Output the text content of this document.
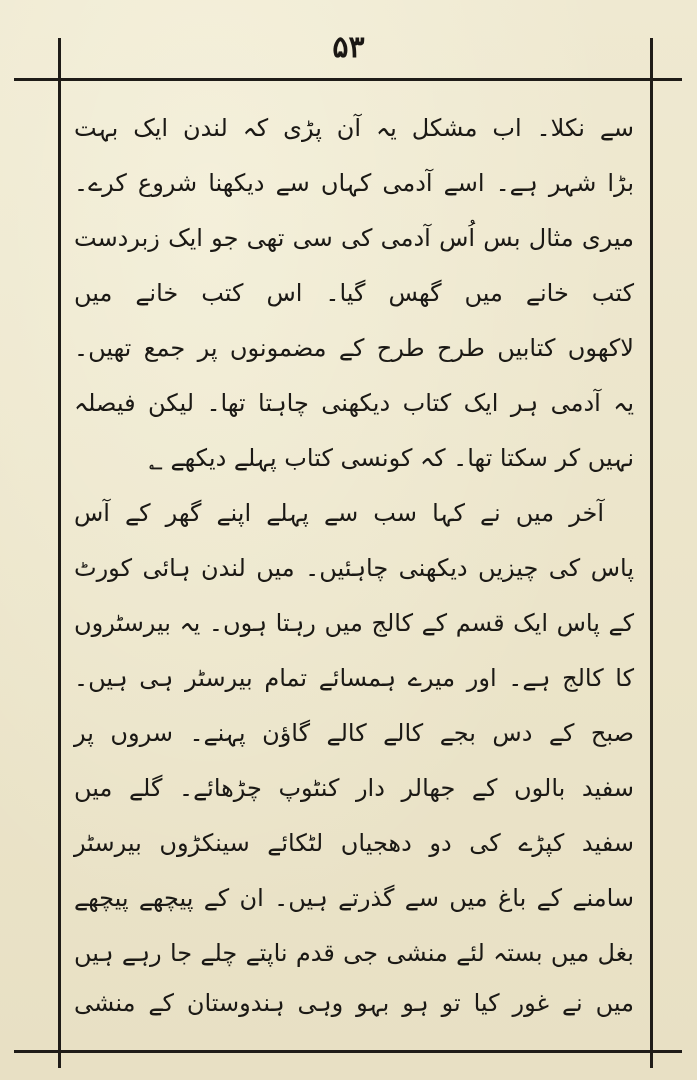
۵۳
سے نکلا۔ اب مشکل یہ آن پڑی کہ لندن ایک بہت
بڑا شہر ہے۔ اسے آدمی کہاں سے دیکھنا شروع کرے۔
میری مثال بس اُس آدمی کی سی تھی جو ایک زبردست
کتب خانے میں گھس گیا۔ اس کتب خانے میں
لاکھوں کتابیں طرح طرح کے مضمونوں پر جمع تھیں۔
یہ آدمی ہر ایک کتاب دیکھنی چاہتا تھا۔ لیکن فیصلہ
نہیں کر سکتا تھا۔ کہ کونسی کتاب پہلے دیکھے ؂
آخر میں نے کہا سب سے پہلے اپنے گھر کے آس
پاس کی چیزیں دیکھنی چاہئیں۔ میں لندن ہائی کورٹ
کے پاس ایک قسم کے کالج میں رہتا ہوں۔ یہ بیرسٹروں
کا کالج ہے۔ اور میرے ہمسائے تمام بیرسٹر ہی ہیں۔
صبح کے دس بجے کالے کالے گاؤن پہنے۔ سروں پر
سفید بالوں کے جھالر دار کنٹوپ چڑھائے۔ گلے میں
سفید کپڑے کی دو دھجیاں لٹکائے سینکڑوں بیرسٹر
سامنے کے باغ میں سے گذرتے ہیں۔ ان کے پیچھے پیچھے
بغل میں بستہ لئے منشی جی قدم ناپتے چلے جا رہے ہیں
میں نے غور کیا تو ہو بہو وہی ہندوستان کے منشی
